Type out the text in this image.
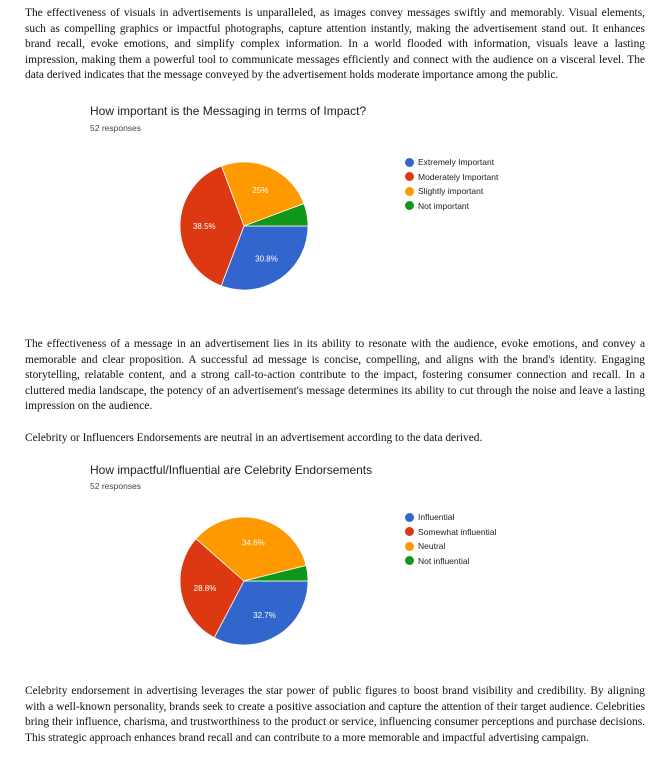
The effectiveness of visuals in advertisements is unparalleled, as images convey messages swiftly and memorably. Visual elements, such as compelling graphics or impactful photographs, capture attention instantly, making the advertisement stand out. It enhances brand recall, evoke emotions, and simplify complex information. In a world flooded with information, visuals leave a lasting impression, making them a powerful tool to communicate messages efficiently and connect with the audience on a visceral level. The data derived indicates that the message conveyed by the advertisement holds moderate importance among the public.

How important is the Messaging in terms of Impact?

52 responses

30.8%
38.5%
25%
Extremely Important
Moderately Important
Slightly important
Not important

The effectiveness of a message in an advertisement lies in its ability to resonate with the audience, evoke emotions, and convey a memorable and clear proposition. A successful ad message is concise, compelling, and aligns with the brand's identity. Engaging storytelling, relatable content, and a strong call-to-action contribute to the impact, fostering consumer connection and recall. In a cluttered media landscape, the potency of an advertisement's message determines its ability to cut through the noise and leave a lasting impression on the audience.

Celebrity or Influencers Endorsements are neutral in an advertisement according to the data derived.

How impactful/Influential are Celebrity Endorsements

52 responses

32.7%
28.8%
34.6%
Influential
Somewhat influential
Neutral
Not influential

Celebrity endorsement in advertising leverages the star power of public figures to boost brand visibility and credibility. By aligning with a well-known personality, brands seek to create a positive association and capture the attention of their target audience. Celebrities bring their influence, charisma, and trustworthiness to the product or service, influencing consumer perceptions and purchase decisions. This strategic approach enhances brand recall and can contribute to a more memorable and impactful advertising campaign.
